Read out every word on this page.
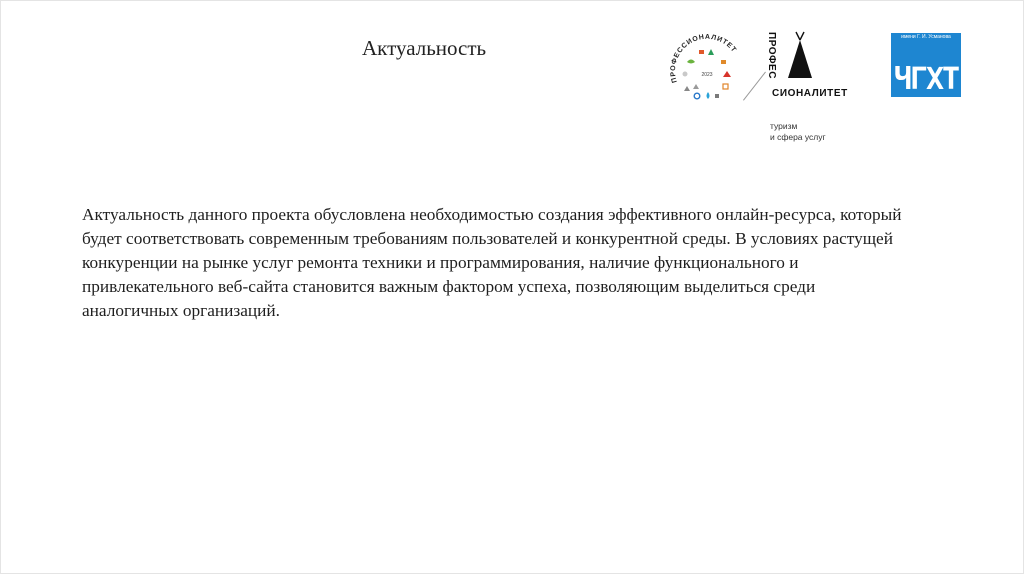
Актуальность

Актуальность данного проекта обусловлена необходимостью создания эффективного онлайн-ресурса, который будет соответствовать современным требованиям пользователей и конкурентной среды. В условиях растущей конкуренции на рынке услуг ремонта техники и программирования, наличие функционального и привлекательного веб-сайта становится важным фактором успеха, позволяющим выделиться среди аналогичных организаций.

ПРОФЕССИОНАЛИТЕТ
2023	ПРОФЕС
СИОНАЛИТЕТ
туризм
и сфера услуг
ЧГХТ
имени Г. И. Усманова
